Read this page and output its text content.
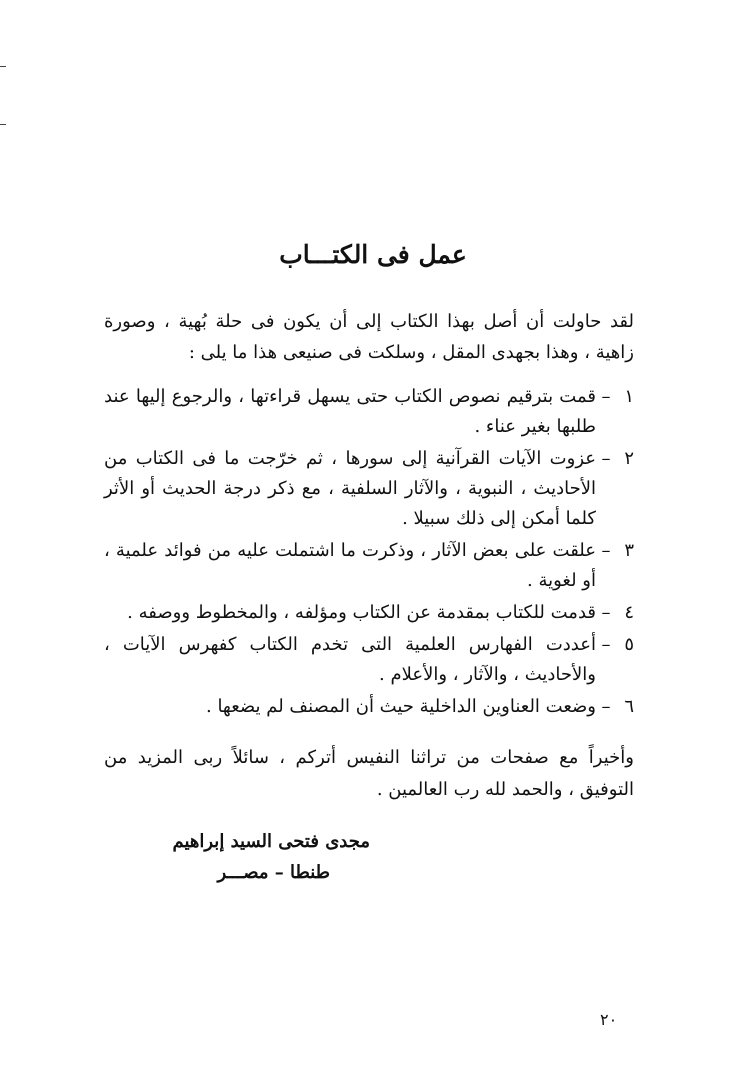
عمل فى الكتـــاب
لقد حاولت أن أصل بهذا الكتاب إلى أن يكون فى حلة بُهية ، وصورة زاهية ، وهذا بجهدى المقل ، وسلكت فى صنيعى هذا ما يلى :
١
–
قمت بترقيم نصوص الكتاب حتى يسهل قراءتها ، والرجوع إليها عند طلبها بغير عناء .
٢
–
عزوت الآيات القرآنية إلى سورها ، ثم خرّجت ما فى الكتاب من الأحاديث ، النبوية ، والآثار السلفية ، مع ذكر درجة الحديث أو الأثر كلما أمكن إلى ذلك سبيلا .
٣
–
علقت على بعض الآثار ، وذكرت ما اشتملت عليه من فوائد علمية ، أو لغوية .
٤
–
قدمت للكتاب بمقدمة عن الكتاب ومؤلفه ، والمخطوط ووصفه .
٥
–
أعددت الفهارس العلمية التى تخدم الكتاب كفهرس الآيات ، والأحاديث ، والآثار ، والأعلام .
٦
–
وضعت العناوين الداخلية حيث أن المصنف لم يضعها .
وأخيراً مع صفحات من تراثنا النفيس أتركم ، سائلاً ربى المزيد من التوفيق ، والحمد لله رب العالمين .
مجدى فتحى السيد إبراهيم
طنطا – مصـــر
٢٠
